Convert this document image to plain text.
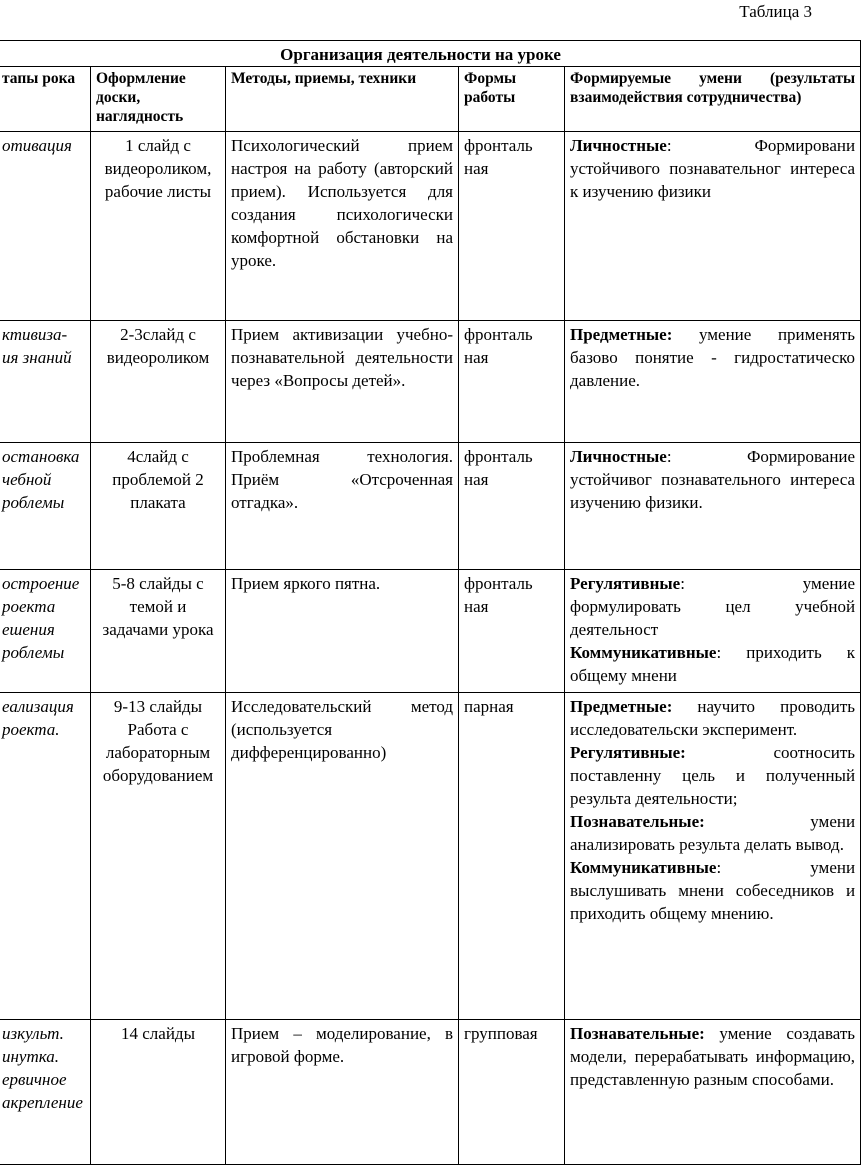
Таблица 3
Организация деятельности на уроке				
тапы рока	Оформление доски, наглядность	Методы, приемы, техники	Формы работы	Формируемые умени (результаты взаимодействия сотрудничества)
отивация	1 слайд с видеороликом, рабочие листы	Психологический прием настроя на работу (авторский прием). Используется для создания психологически комфортной обстановки на уроке.	фронталь ная	Личностные: Формировани устойчивого познавательног интереса к изучению физики

ктивиза- ия знаний	2-3слайд с видеороликом	Прием активизации учебно-познавательной деятельности через «Вопросы детей».	фронталь ная	Предметные: умение применять базово понятие - гидростатическо давление.

остановка чебной роблемы	4слайд с проблемой 2 плаката	Проблемная технология. Приём «Отсроченная отгадка».	фронталь ная	Личностные: Формирование устойчивог познавательного интереса изучению физики.

остроение роекта ешения роблемы	5-8 слайды с темой и задачами урока	Прием яркого пятна.	фронталь ная	Регулятивные: умение формулировать цел учебной деятельност
Коммуникативные: приходить к общему мнени

еализация роекта.	9-13 слайды Работа с лабораторным оборудованием	Исследовательский метод (используется дифференцированно)	парная	Предметные: научито проводить исследовательски эксперимент.
Регулятивные: соотносить поставленну цель и полученный результа деятельности;
Познавательные: умени анализировать результа делать вывод.
Коммуникативные: умени выслушивать мнени собеседников и приходить общему мнению.

изкульт. инутка. ервичное акрепление	14 слайды	Прием – моделирование, в игровой форме.	групповая	Познавательные: умение создавать модели, перерабатывать информацию, представленную разным способами.
